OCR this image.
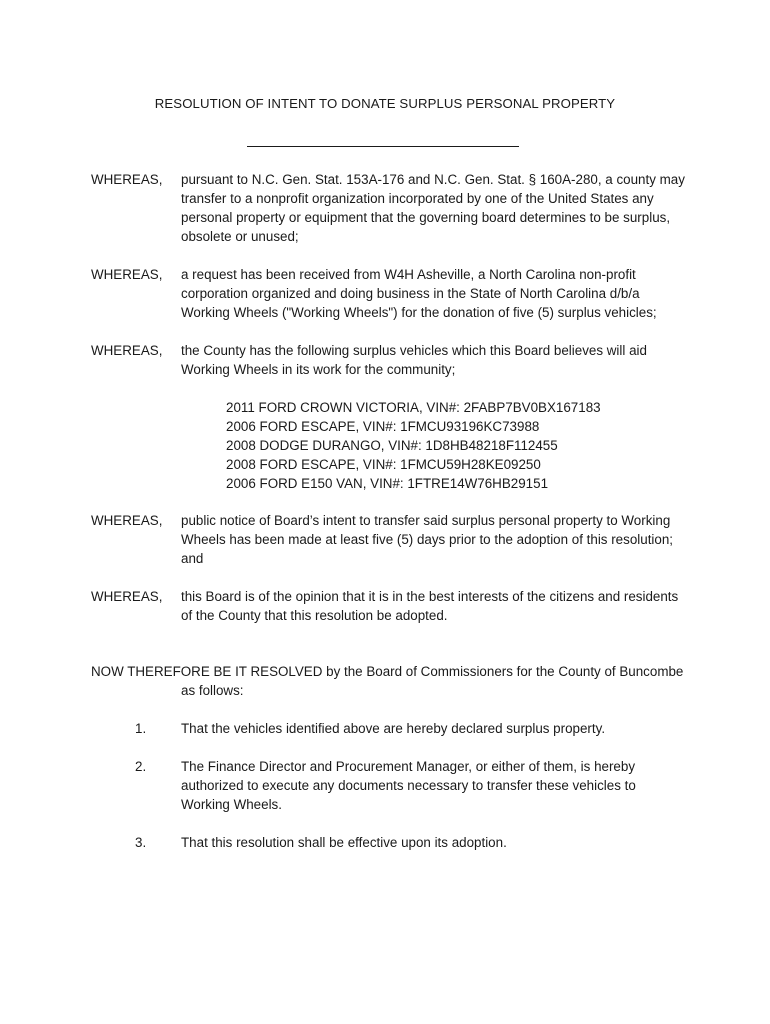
RESOLUTION OF INTENT TO DONATE SURPLUS PERSONAL PROPERTY
WHEREAS,	pursuant to N.C. Gen. Stat. 153A-176 and N.C. Gen. Stat. § 160A-280, a county may transfer to a nonprofit organization incorporated by one of the United States any personal property or equipment that the governing board determines to be surplus, obsolete or unused;
WHEREAS,	a request has been received from W4H Asheville, a North Carolina non-profit corporation organized and doing business in the State of North Carolina d/b/a Working Wheels ("Working Wheels") for the donation of five (5) surplus vehicles;
WHEREAS,	the County has the following surplus vehicles which this Board believes will aid Working Wheels in its work for the community;
2011 FORD CROWN VICTORIA, VIN#: 2FABP7BV0BX167183
2006 FORD ESCAPE, VIN#: 1FMCU93196KC73988
2008 DODGE DURANGO, VIN#: 1D8HB48218F112455
2008 FORD ESCAPE, VIN#: 1FMCU59H28KE09250
2006 FORD E150 VAN, VIN#: 1FTRE14W76HB29151
WHEREAS,	public notice of Board’s intent to transfer said surplus personal property to Working Wheels has been made at least five (5) days prior to the adoption of this resolution; and
WHEREAS,	this Board is of the opinion that it is in the best interests of the citizens and residents of the County that this resolution be adopted.
NOW THEREFORE BE IT RESOLVED by the Board of Commissioners for the County of Buncombe
as follows:
1.	That the vehicles identified above are hereby declared surplus property.
2.	The Finance Director and Procurement Manager, or either of them, is hereby authorized to execute any documents necessary to transfer these vehicles to Working Wheels.
3.	That this resolution shall be effective upon its adoption.
